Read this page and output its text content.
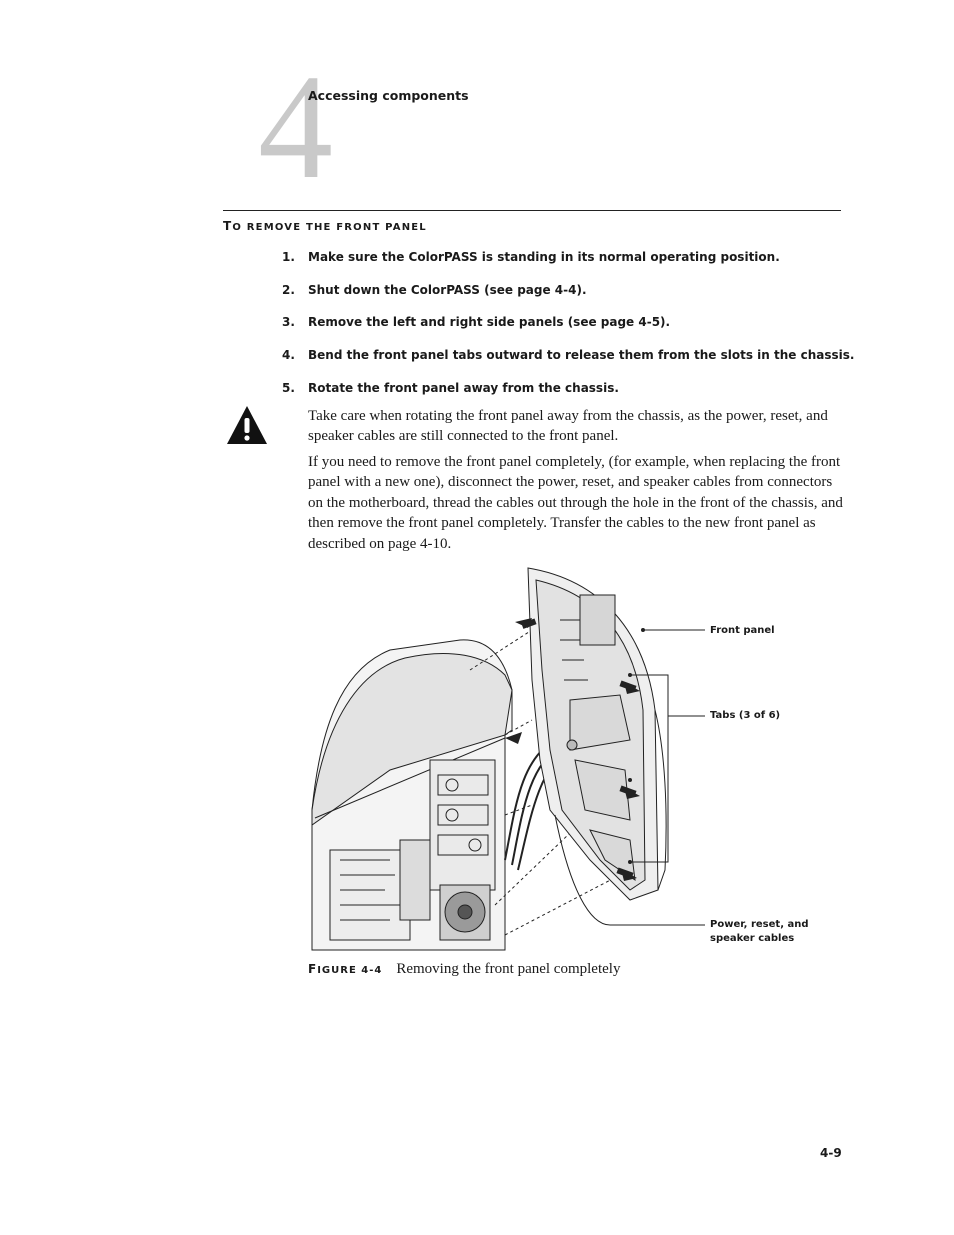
4
Accessing components
TO REMOVE THE FRONT PANEL
1. Make sure the ColorPASS is standing in its normal operating position.
2. Shut down the ColorPASS (see page 4-4).
3. Remove the left and right side panels (see page 4-5).
4. Bend the front panel tabs outward to release them from the slots in the chassis.
5. Rotate the front panel away from the chassis.

Take care when rotating the front panel away from the chassis, as the power, reset, and speaker cables are still connected to the front panel.

If you need to remove the front panel completely, (for example, when replacing the front panel with a new one), disconnect the power, reset, and speaker cables from connectors on the motherboard, thread the cables out through the hole in the front of the chassis, and then remove the front panel completely. Transfer the cables to the new front panel as described on page 4-10.

Front panel
Tabs (3 of 6)
Power, reset, and
speaker cables
FIGURE 4-4 Removing the front panel completely
4-9
